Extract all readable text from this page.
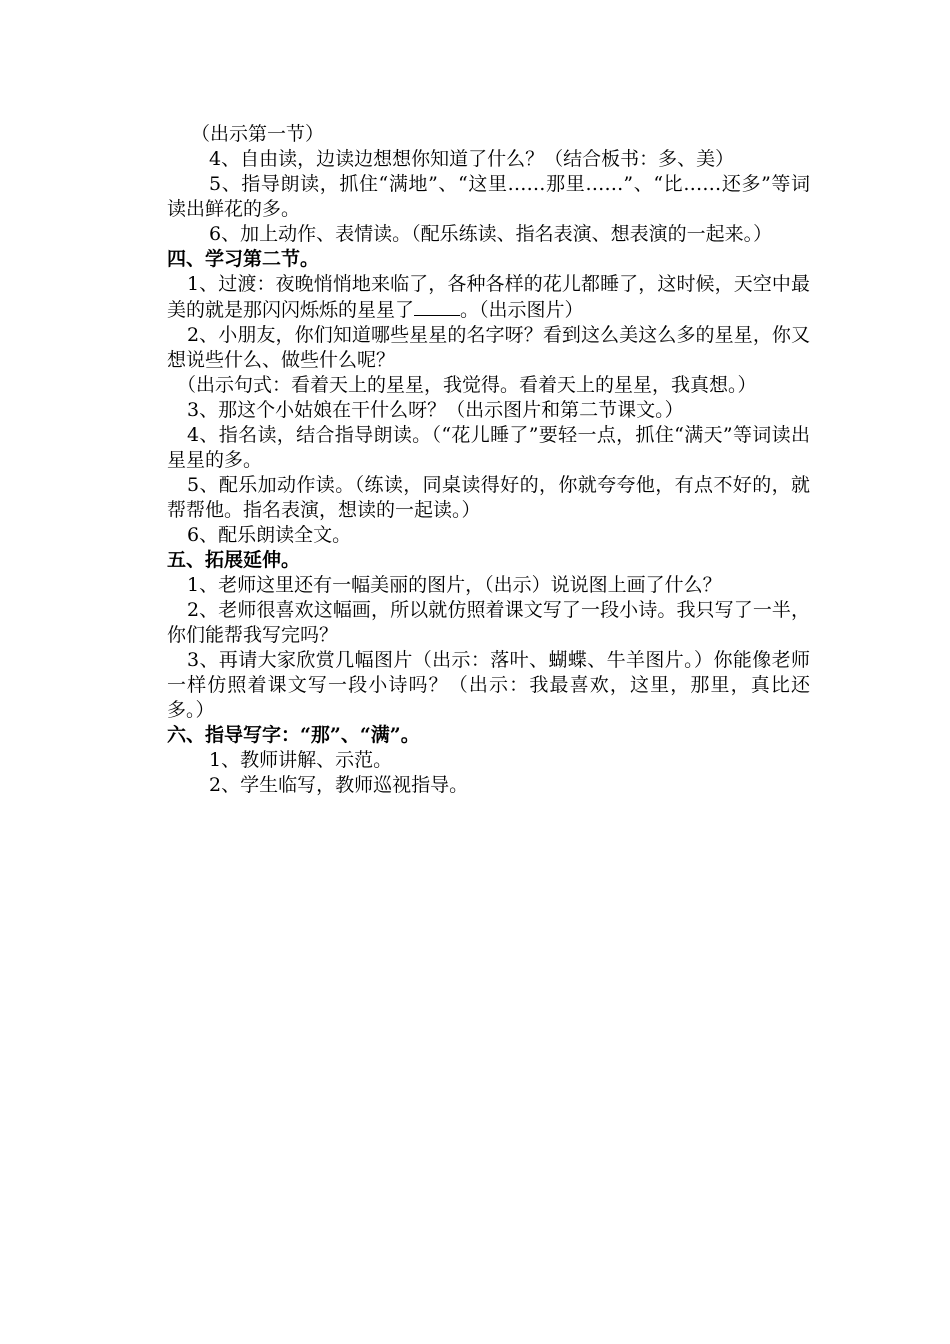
（出示第一节）

4、自由读，边读边想想你知道了什么？（结合板书：多、美）

5、指导朗读，抓住“满地”、“这里……那里……”、“比……还多”等词读出鲜花的多。

6、加上动作、表情读。（配乐练读、指名表演、想表演的一起来。）

四、学习第二节。

1、过渡：夜晚悄悄地来临了，各种各样的花儿都睡了，这时候，天空中最美的就是那闪闪烁烁的星星了 。（出示图片）

2、小朋友，你们知道哪些星星的名字呀？看到这么美这么多的星星，你又想说些什么、做些什么呢？

（出示句式：看着天上的星星，我觉得。看着天上的星星，我真想。）

3、那这个小姑娘在干什么呀？（出示图片和第二节课文。）

4、指名读，结合指导朗读。（“花儿睡了”要轻一点，抓住“满天”等词读出星星的多。

5、配乐加动作读。（练读，同桌读得好的，你就夸夸他，有点不好的，就帮帮他。指名表演，想读的一起读。）

6、配乐朗读全文。

五、拓展延伸。

1、老师这里还有一幅美丽的图片，（出示）说说图上画了什么？

2、老师很喜欢这幅画，所以就仿照着课文写了一段小诗。我只写了一半，你们能帮我写完吗？

3、再请大家欣赏几幅图片（出示：落叶、蝴蝶、牛羊图片。）你能像老师一样仿照着课文写一段小诗吗？（出示：我最喜欢，这里，那里，真比还多。）

六、指导写字：“那”、“满”。

1、教师讲解、示范。

2、学生临写，教师巡视指导。
